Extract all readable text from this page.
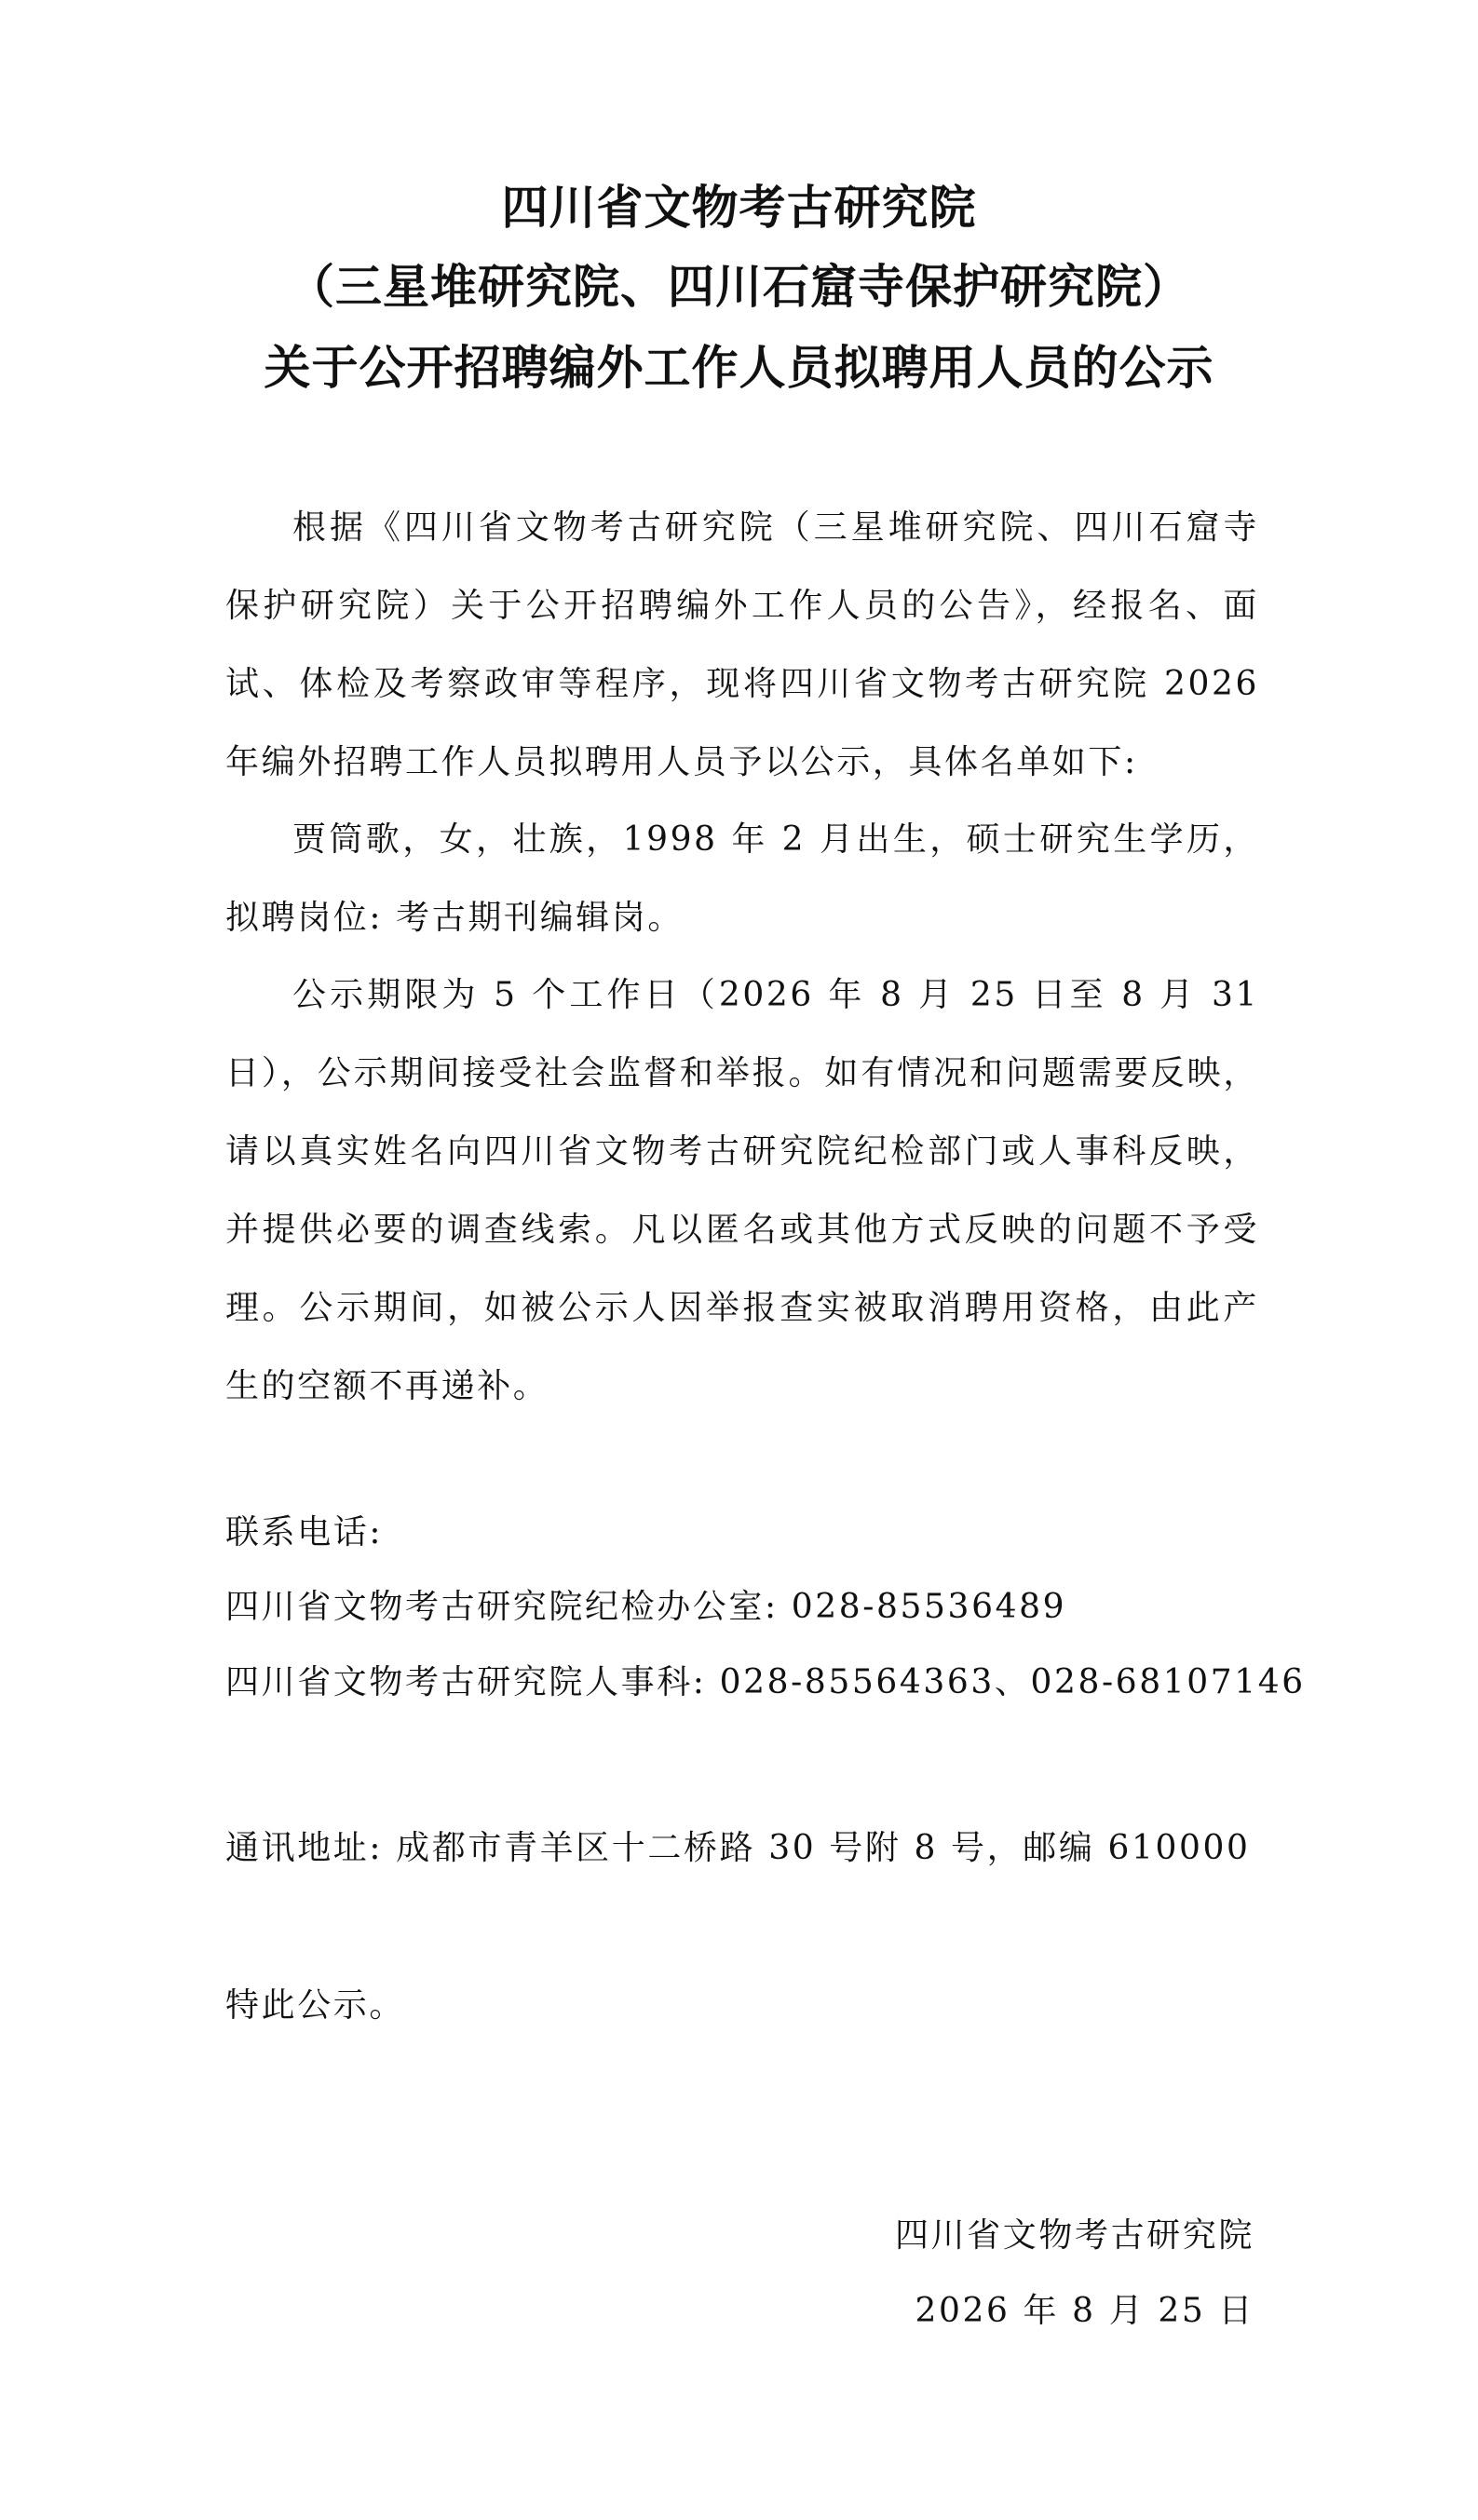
四川省文物考古研究院
（三星堆研究院、四川石窟寺保护研究院）
关于公开招聘编外工作人员拟聘用人员的公示

根据《四川省文物考古研究院（三星堆研究院、四川石窟寺保护研究院）关于公开招聘编外工作人员的公告》，经报名、面试、体检及考察政审等程序，现将四川省文物考古研究院 2026 年编外招聘工作人员拟聘用人员予以公示，具体名单如下:

贾筒歌，女，壮族，1998 年 2 月出生，硕士研究生学历，拟聘岗位: 考古期刊编辑岗。

公示期限为 5 个工作日（2026 年 8 月 25 日至 8 月 31 日），公示期间接受社会监督和举报。如有情况和问题需要反映，请以真实姓名向四川省文物考古研究院纪检部门或人事科反映，并提供必要的调查线索。凡以匿名或其他方式反映的问题不予受理。公示期间，如被公示人因举报查实被取消聘用资格，由此产生的空额不再递补。

联系电话:
四川省文物考古研究院纪检办公室: 028-85536489
四川省文物考古研究院人事科: 028-85564363、028-68107146
通讯地址: 成都市青羊区十二桥路 30 号附 8 号，邮编 610000
特此公示。
四川省文物考古研究院
2026 年 8 月 25 日
